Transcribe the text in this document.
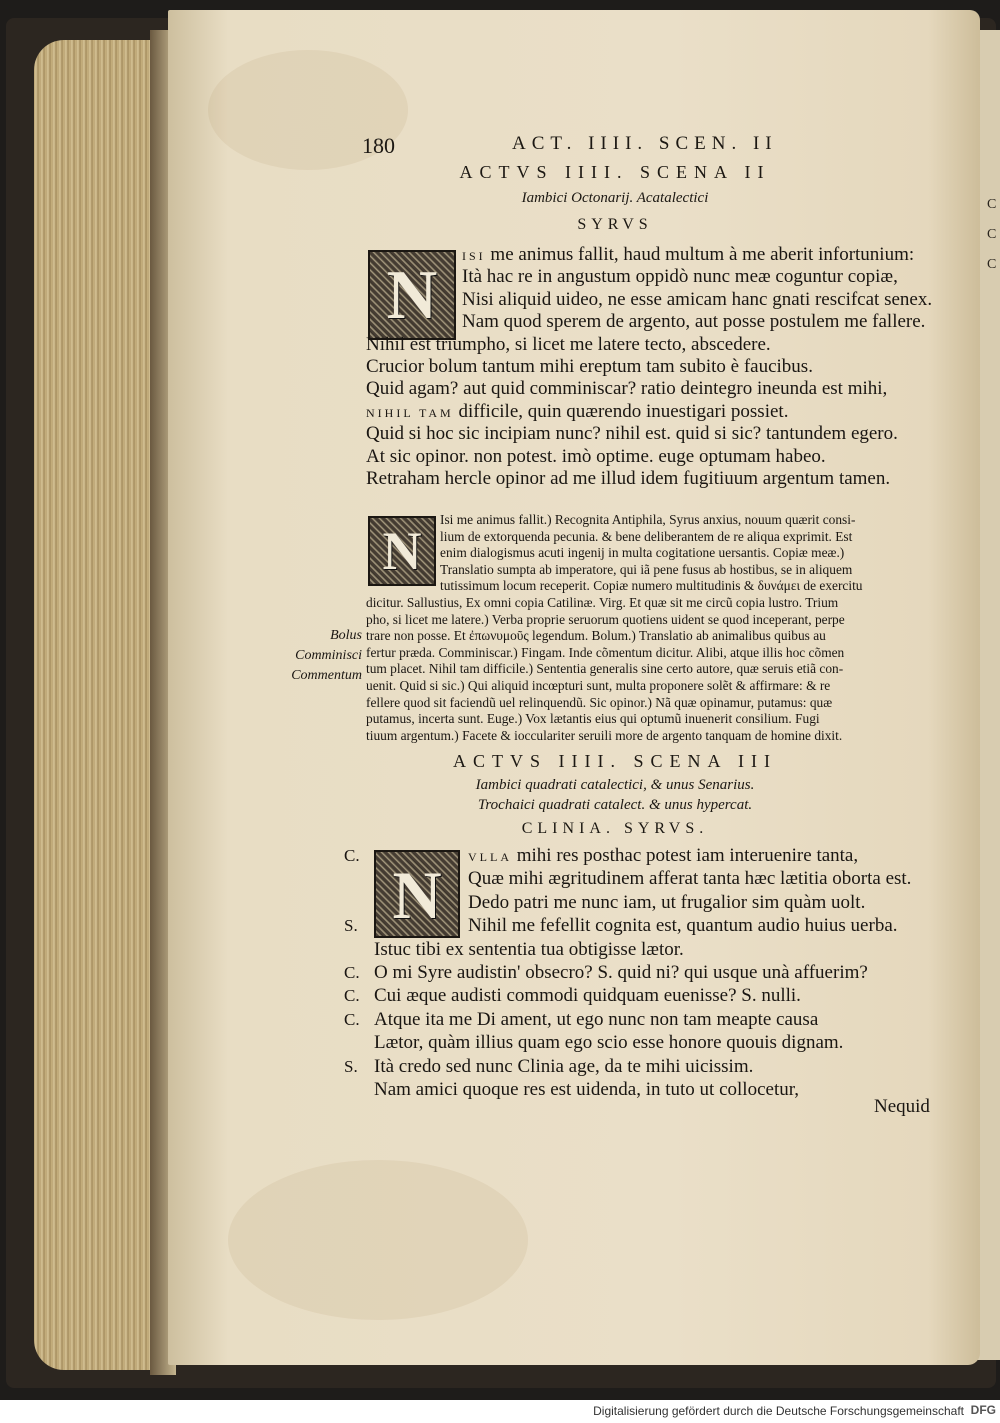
C
C
C
180	ACT. IIII. SCEN. II
ACTVS IIII. SCENA II
Iambici Octonarij. Acatalectici
SYRVS
N
ISI me animus fallit, haud multum à me aberit infortunium:
Ità hac re in angustum oppidò nunc meæ coguntur copiæ,
Nisi aliquid uideo, ne esse amicam hanc gnati rescifcat senex.
Nam quod sperem de argento, aut posse postulem me fallere.
Nihil est triumpho, si licet me latere tecto, abscedere.
Crucior bolum tantum mihi ereptum tam subito è faucibus.
Quid agam? aut quid comminiscar? ratio deintegro ineunda est mihi,
NIHIL TAM difficile, quin quærendo inuestigari possiet.
Quid si hoc sic incipiam nunc? nihil est. quid si sic? tantundem egero.
At sic opinor. non potest. imò optime. euge optumam habeo.
Retraham hercle opinor ad me illud idem fugitiuum argentum tamen.
N
Isi me animus fallit.) Recognita Antiphila, Syrus anxius, nouum quærit consi-
lium de extorquenda pecunia. & bene deliberantem de re aliqua exprimit. Est
enim dialogismus acuti ingenij in multa cogitatione uersantis. Copiæ meæ.)
Translatio sumpta ab imperatore, qui iã pene fusus ab hostibus, se in aliquem
tutissimum locum receperit. Copiæ numero multitudinis & δυνάμει de exercitu
dicitur. Sallustius, Ex omni copia Catilinæ. Virg. Et quæ sit me circũ copia lustro. Trium
pho, si licet me latere.) Verba proprie seruorum quotiens uident se quod inceperant, perpe
trare non posse. Et ἐπωνυμοῦς legendum. Bolum.) Translatio ab animalibus quibus au
fertur præda. Comminiscar.) Fingam. Inde cõmentum dicitur. Alibi, atque illis hoc cõmen
tum placet. Nihil tam difficile.) Sententia generalis sine certo autore, quæ seruis etiã con-
uenit. Quid si sic.) Qui aliquid incœpturi sunt, multa proponere solẽt & affirmare: & re
fellere quod sit faciendũ uel relinquendũ. Sic opinor.) Nã quæ opinamur, putamus: quæ
putamus, incerta sunt. Euge.) Vox lætantis eius qui optumũ inuenerit consilium. Fugi
tiuum argentum.) Facete & iocculariter seruili more de argento tanquam de homine dixit.
Bolus
Comminisci
Commentum
ACTVS IIII. SCENA III
Iambici quadrati catalectici, & unus Senarius.
Trochaici quadrati catalect. & unus hypercat.
CLINIA. SYRVS.
N
C.	VLLA mihi res posthac potest iam interuenire tanta,
Quæ mihi ægritudinem afferat tanta hæc lætitia oborta est.
Dedo patri me nunc iam, ut frugalior sim quàm uolt.
S.	Nihil me fefellit cognita est, quantum audio huius uerba.
Istuc tibi ex sententia tua obtigisse lætor.
C. O mi Syre audistin' obsecro? S. quid ni? qui usque unà affuerim?
C. Cui æque audisti commodi quidquam euenisse? S. nulli.
C. Atque ita me Di ament, ut ego nunc non tam meapte causa
Lætor, quàm illius quam ego scio esse honore quouis dignam.
S. Ità credo sed nunc Clinia age, da te mihi uicissim.
Nam amici quoque res est uidenda, in tuto ut collocetur,
Nequid
Digitalisierung gefördert durch die Deutsche Forschungsgemeinschaft DFG
